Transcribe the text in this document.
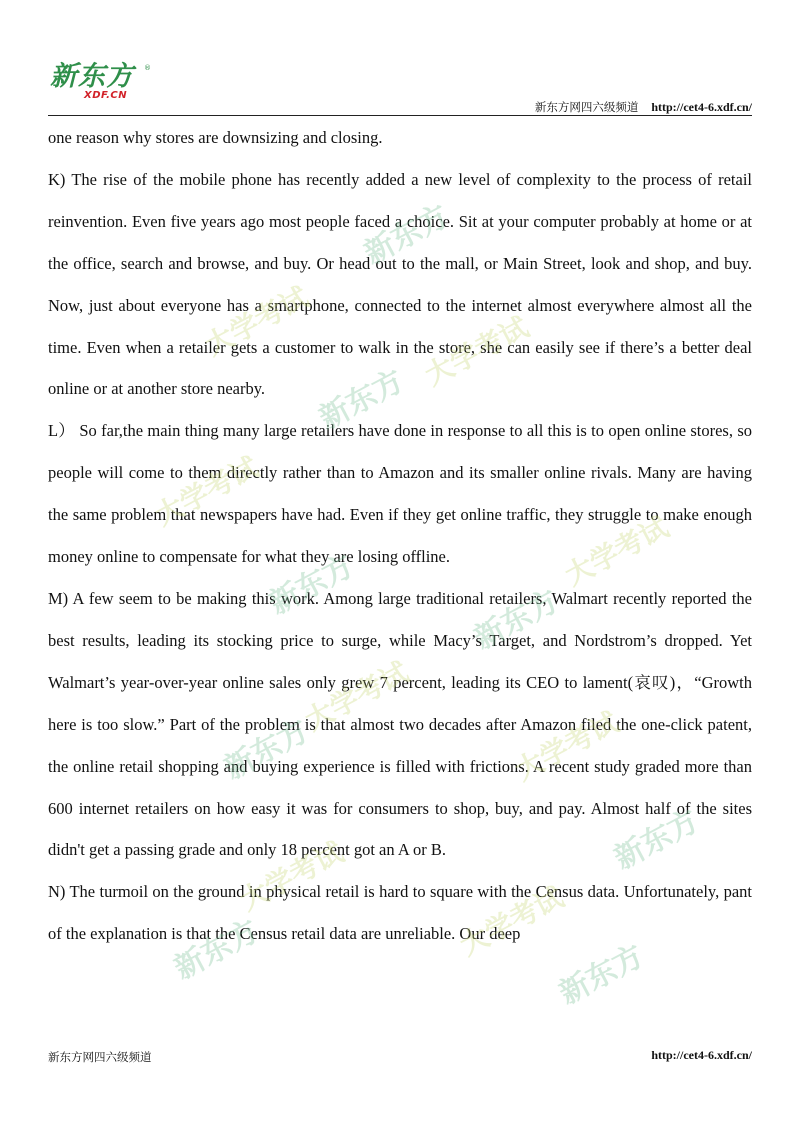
新东方 ®
XDF.CN
新东方网四六级频道 http://cet4-6.xdf.cn/

one reason why stores are downsizing and closing.

K) The rise of the mobile phone has recently added a new level of complexity to the process of retail reinvention. Even five years ago most people faced a choice. Sit at your computer probably at home or at the office, search and browse, and buy. Or head out to the mall, or Main Street, look and shop, and buy. Now, just about everyone has a smartphone, connected to the internet almost everywhere almost all the time. Even when a retailer gets a customer to walk in the store, she can easily see if there’s a better deal online or at another store nearby.

L） So far,the main thing many large retailers have done in response to all this is to open online stores, so people will come to them directly rather than to Amazon and its smaller online rivals. Many are having the same problem that newspapers have had. Even if they get online traffic, they struggle to make enough money online to compensate for what they are losing offline.

M) A few seem to be making this work. Among large traditional retailers, Walmart recently reported the best results, leading its stocking price to surge, while Macy’s Target, and Nordstrom’s dropped. Yet Walmart’s year-over-year online sales only grew 7 percent, leading its CEO to lament(哀叹)，“Growth here is too slow.” Part of the problem is that almost two decades after Amazon filed the one-click patent, the online retail shopping and buying experience is filled with frictions. A recent study graded more than 600 internet retailers on how easy it was for consumers to shop, buy, and pay. Almost half of the sites didn't get a passing grade and only 18 percent got an A or B.

N) The turmoil on the ground in physical retail is hard to square with the Census data. Unfortunately, pant of the explanation is that the Census retail data are unreliable. Our deep

新东方
大学考试
新东方
大学考试
大学考试
新东方	大学考试
新东方
大学考试
新东方	大学考试
新东方
大学考试
新东方	大学考试
新东方
新东方网四六级频道	http://cet4-6.xdf.cn/
